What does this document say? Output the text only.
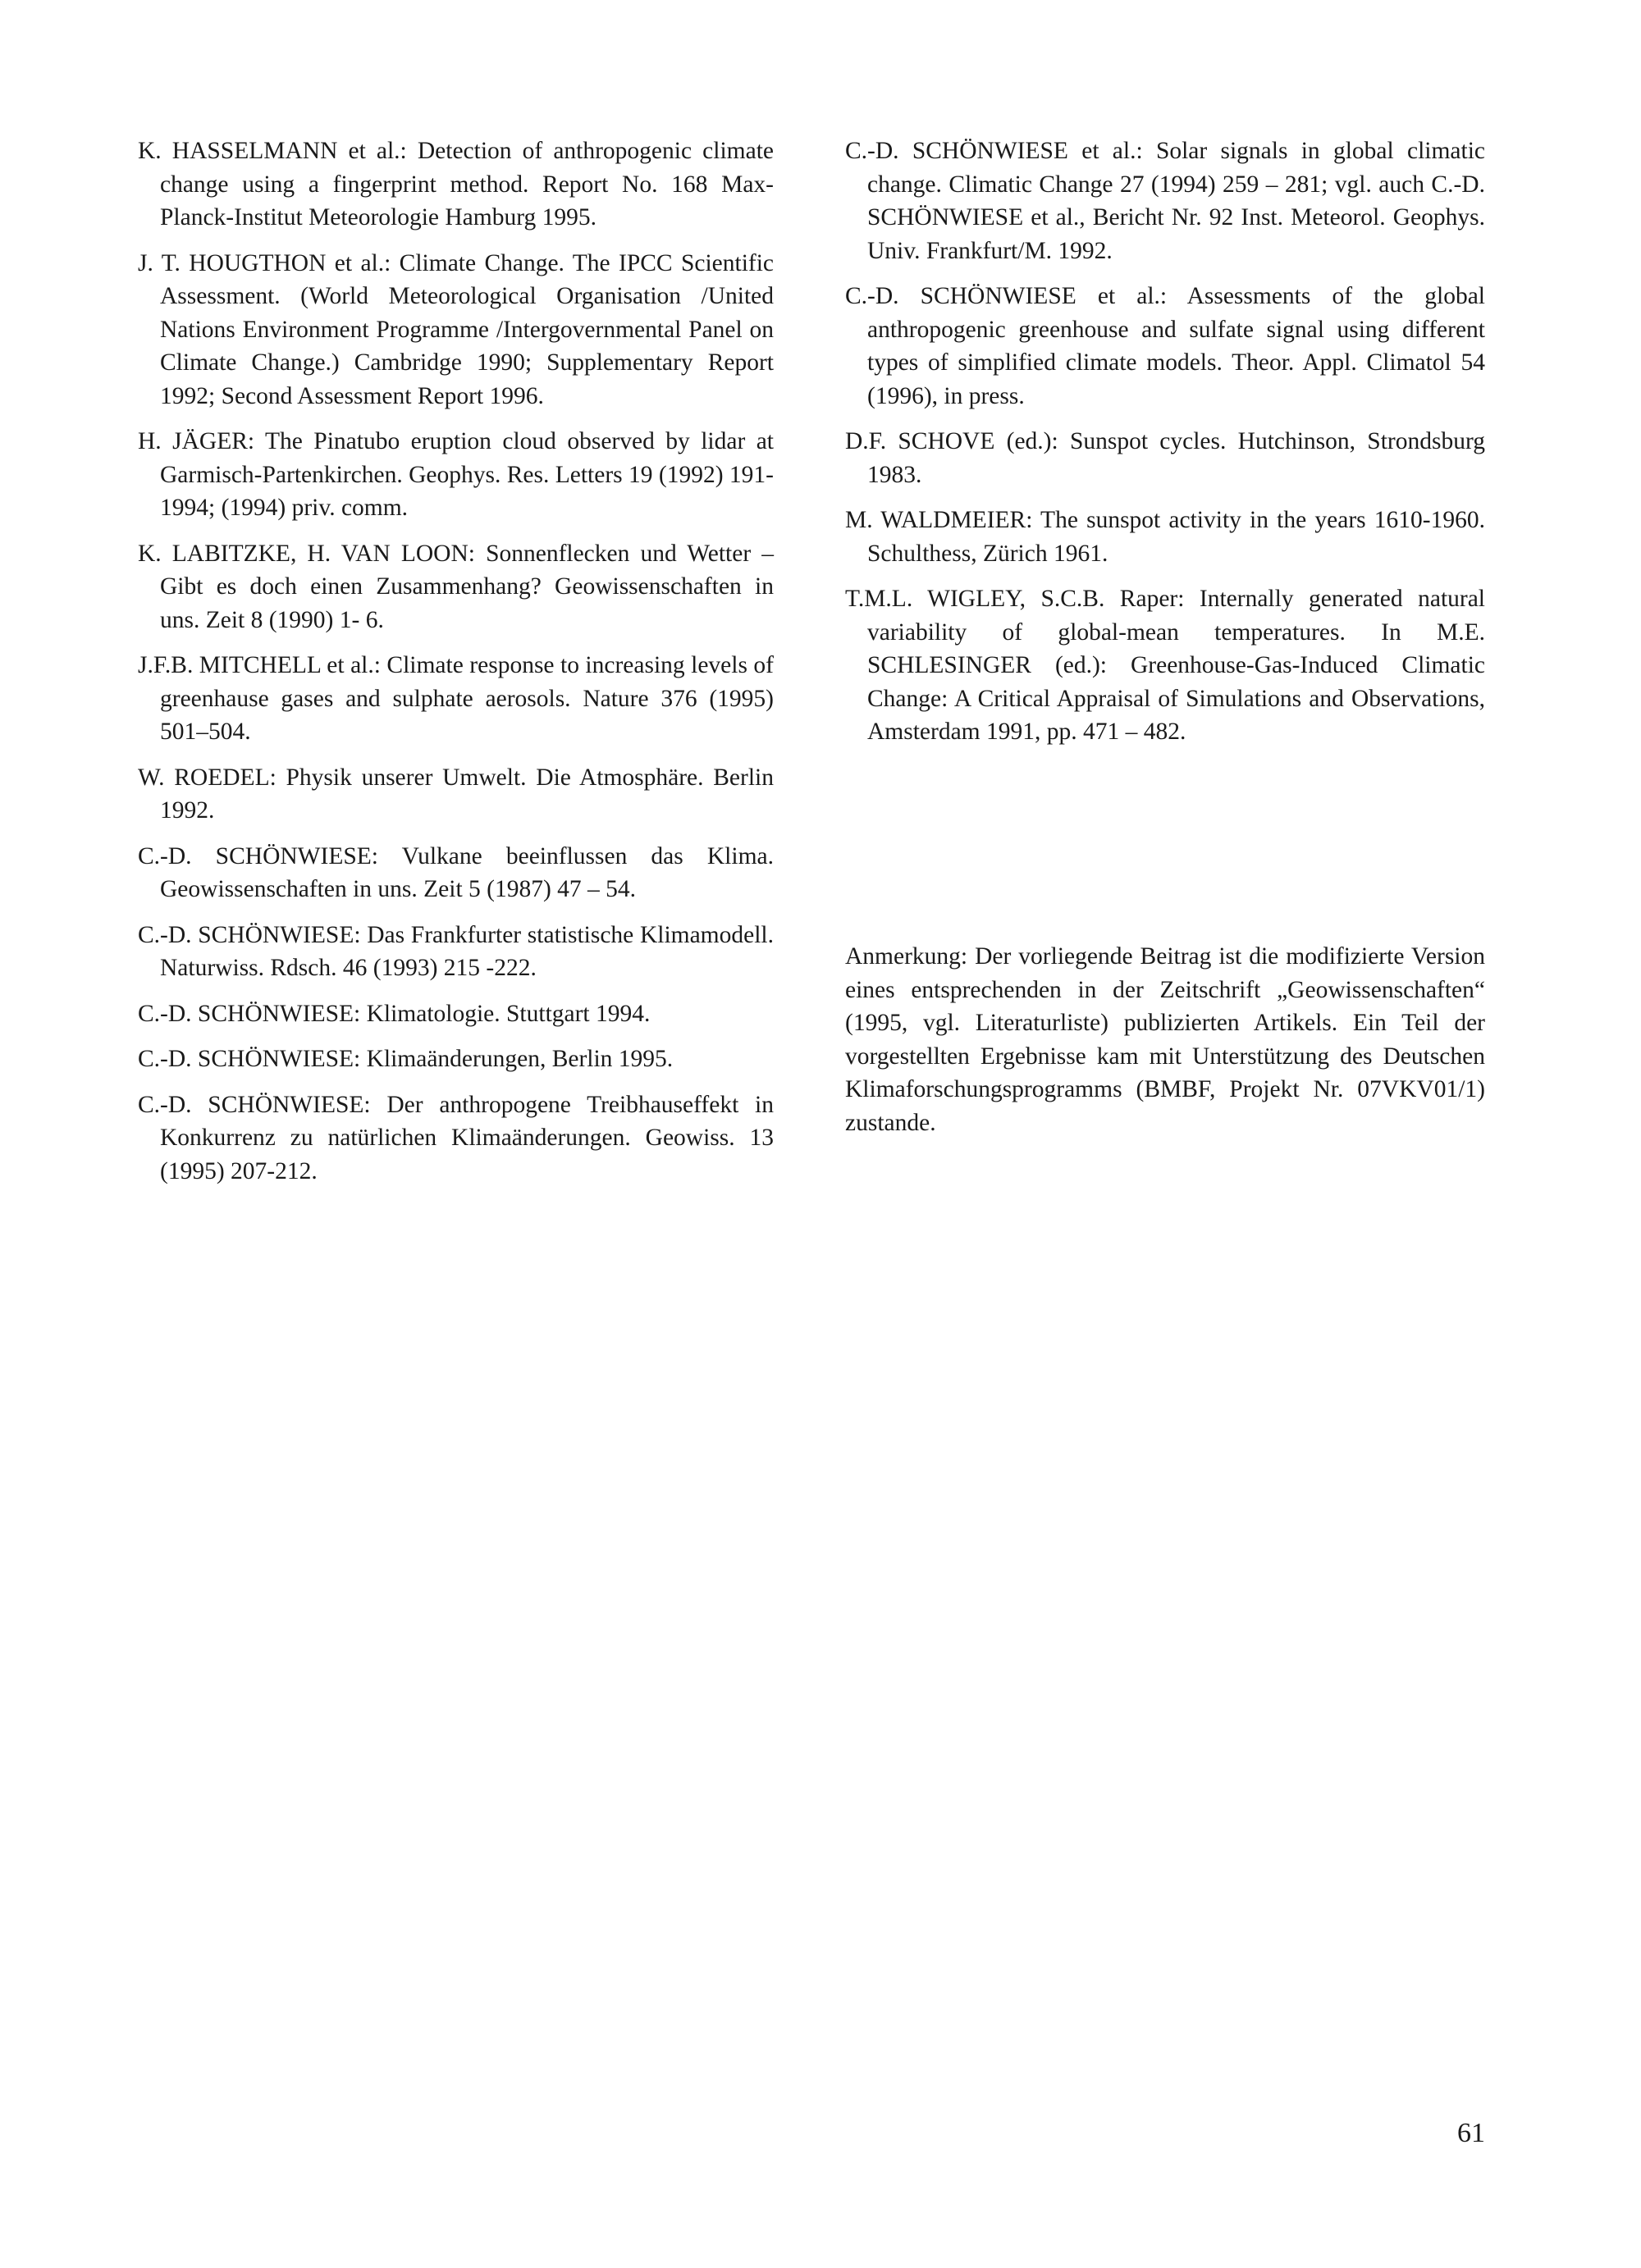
K. HASSELMANN et al.: Detection of anthropogenic climate change using a fingerprint method. Report No. 168 Max-Planck-Institut Meteorologie Hamburg 1995.

J. T. HOUGTHON et al.: Climate Change. The IPCC Scientific Assessment. (World Meteorological Organisation /United Nations Environment Programme /Intergovernmental Panel on Climate Change.) Cambridge 1990; Supplementary Report 1992; Second Assessment Report 1996.

H. JÄGER: The Pinatubo eruption cloud observed by lidar at Garmisch-Partenkirchen. Geophys. Res. Letters 19 (1992) 191-1994; (1994) priv. comm.

K. LABITZKE, H. VAN LOON: Sonnenflecken und Wetter – Gibt es doch einen Zusammenhang? Geowissenschaften in uns. Zeit 8 (1990) 1- 6.

J.F.B. MITCHELL et al.: Climate response to increasing levels of greenhause gases and sulphate aerosols. Nature 376 (1995) 501–504.

W. ROEDEL: Physik unserer Umwelt. Die Atmosphäre. Berlin 1992.

C.-D. SCHÖNWIESE: Vulkane beeinflussen das Klima. Geowissenschaften in uns. Zeit 5 (1987) 47 – 54.

C.-D. SCHÖNWIESE: Das Frankfurter statistische Klimamodell. Naturwiss. Rdsch. 46 (1993) 215 -222.

C.-D. SCHÖNWIESE: Klimatologie. Stuttgart 1994.

C.-D. SCHÖNWIESE: Klimaänderungen, Berlin 1995.

C.-D. SCHÖNWIESE: Der anthropogene Treibhauseffekt in Konkurrenz zu natürlichen Klimaänderungen. Geowiss. 13 (1995) 207-212.

C.-D. SCHÖNWIESE et al.: Solar signals in global climatic change. Climatic Change 27 (1994) 259 – 281; vgl. auch C.-D. SCHÖNWIESE et al., Bericht Nr. 92 Inst. Meteorol. Geophys. Univ. Frankfurt/M. 1992.

C.-D. SCHÖNWIESE et al.: Assessments of the global anthropogenic greenhouse and sulfate signal using different types of simplified climate models. Theor. Appl. Climatol 54 (1996), in press.

D.F. SCHOVE (ed.): Sunspot cycles. Hutchinson, Strondsburg 1983.

M. WALDMEIER: The sunspot activity in the years 1610-1960. Schulthess, Zürich 1961.

T.M.L. WIGLEY, S.C.B. Raper: Internally generated natural variability of global-mean temperatures. In M.E. SCHLESINGER (ed.): Greenhouse-Gas-Induced Climatic Change: A Critical Appraisal of Simulations and Observations, Amsterdam 1991, pp. 471 – 482.

Anmerkung: Der vorliegende Beitrag ist die modifizierte Version eines entsprechenden in der Zeitschrift „Geowissenschaften“ (1995, vgl. Literaturliste) publizierten Artikels. Ein Teil der vorgestellten Ergebnisse kam mit Unterstützung des Deutschen Klimaforschungsprogramms (BMBF, Projekt Nr. 07VKV01/1) zustande.

61
